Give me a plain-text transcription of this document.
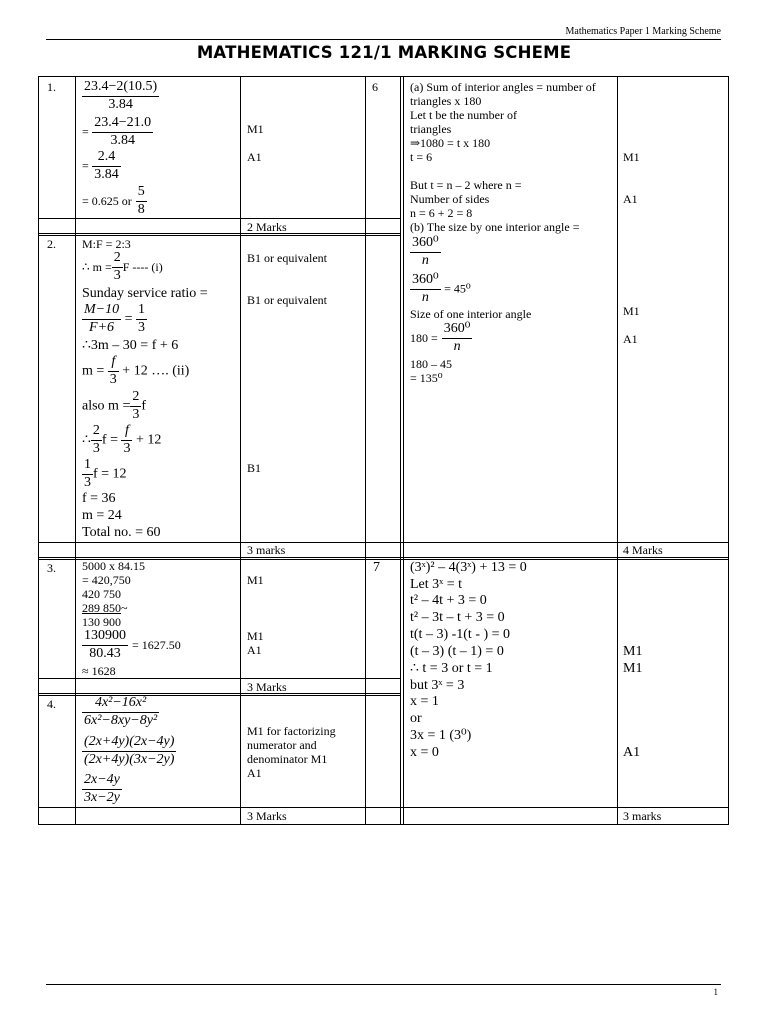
Mathematics Paper 1 Marking Scheme
MATHEMATICS 121/1 MARKING SCHEME
1. $\frac{23.4-2(10.5)}{3.84}$
= $\frac{23.4-21.0}{3.84}$
= $\frac{2.4}{3.84}$
= 0.625 or $\frac{5}{8}$
M1
A1
2 Marks
2. M:F = 2:3
∴ $m = \frac{2}{3}$ F ---- (i)
Sunday service ratio =
$\frac{M-10}{F+6} = \frac{1}{3}$
∴3m – 30 = f + 6
$m = \frac{f}{3} + 12$ …. (ii)
also $m = \frac{2}{3}$ f
∴ $\frac{2}{3}$ $f = \frac{f}{3} + 12$
$\frac{1}{3}$ f = 12
f = 36
m = 24
Total no. = 60
B1 or equivalent
B1 or equivalent
B1
3 marks
6	(a) Sum of interior angles = number of
triangles x 180
Let t be the number of
triangles
⇒1080 = t x 180
t = 6
But t = n – 2 where n =
Number of sides
n = 6 + 2 = 8
(b) The size by one interior angle =
$\frac{\text{360⁰}}{n}$
$\frac{\text{360⁰}}{n} = 45^0$
Size of one interior angle
$180 = \frac{\text{360⁰}}{n}$
180 – 45
= 135⁰
M1
A1
M1
A1
4 Marks
3. 5000 x 84.15
= 420,750
420 750
289 850~
130 900
$\frac{130900}{80.43} = 1627.50$
≈ 1628
M1
M1
A1
3 Marks
4. $\frac{\text{4x²−16x²}}{\text{6x²−8xy−8y²}}$
$\frac{(2x+4y)(2x-4y)}{(2x+4y)(3x-2y)}$
$\frac{2x-4y}{3x-2y}$
M1 for factorizing
numerator and
denominator M1
A1
3 Marks
7 (3ˣ)² – 4(3ˣ) + 13 = 0
Let 3ˣ = t
t² – 4t + 3 = 0
t² – 3t – t + 3 = 0
t(t – 3) -1(t - ) = 0
(t – 3) (t – 1) = 0
∴ t = 3 or t = 1
but 3ˣ = 3
x = 1
or
3x = 1 (3⁰)
x = 0
M1
M1
A1
3 marks
1
